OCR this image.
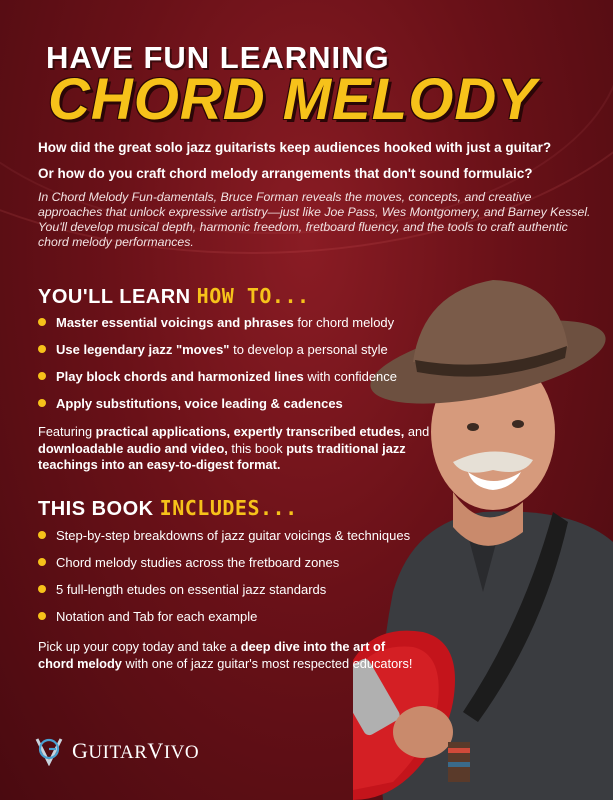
HAVE FUN LEARNING
CHORD MELODY
How did the great solo jazz guitarists keep audiences hooked with just a guitar?
Or how do you craft chord melody arrangements that don't sound formulaic?
In Chord Melody Fun-damentals, Bruce Forman reveals the moves, concepts, and creative approaches that unlock expressive artistry—just like Joe Pass, Wes Montgomery, and Barney Kessel. You'll develop musical depth, harmonic freedom, fretboard fluency, and the tools to craft authentic chord melody performances.
YOU'LL LEARN HOW TO...
Master essential voicings and phrases for chord melody
Use legendary jazz "moves" to develop a personal style
Play block chords and harmonized lines with confidence
Apply substitutions, voice leading & cadences
Featuring practical applications, expertly transcribed etudes, and downloadable audio and video, this book puts traditional jazz teachings into an easy-to-digest format.
THIS BOOK INCLUDES...
Step-by-step breakdowns of jazz guitar voicings & techniques
Chord melody studies across the fretboard zones
5 full-length etudes on essential jazz standards
Notation and Tab for each example
Pick up your copy today and take a deep dive into the art of chord melody with one of jazz guitar's most respected educators!
GUITARVIVO
